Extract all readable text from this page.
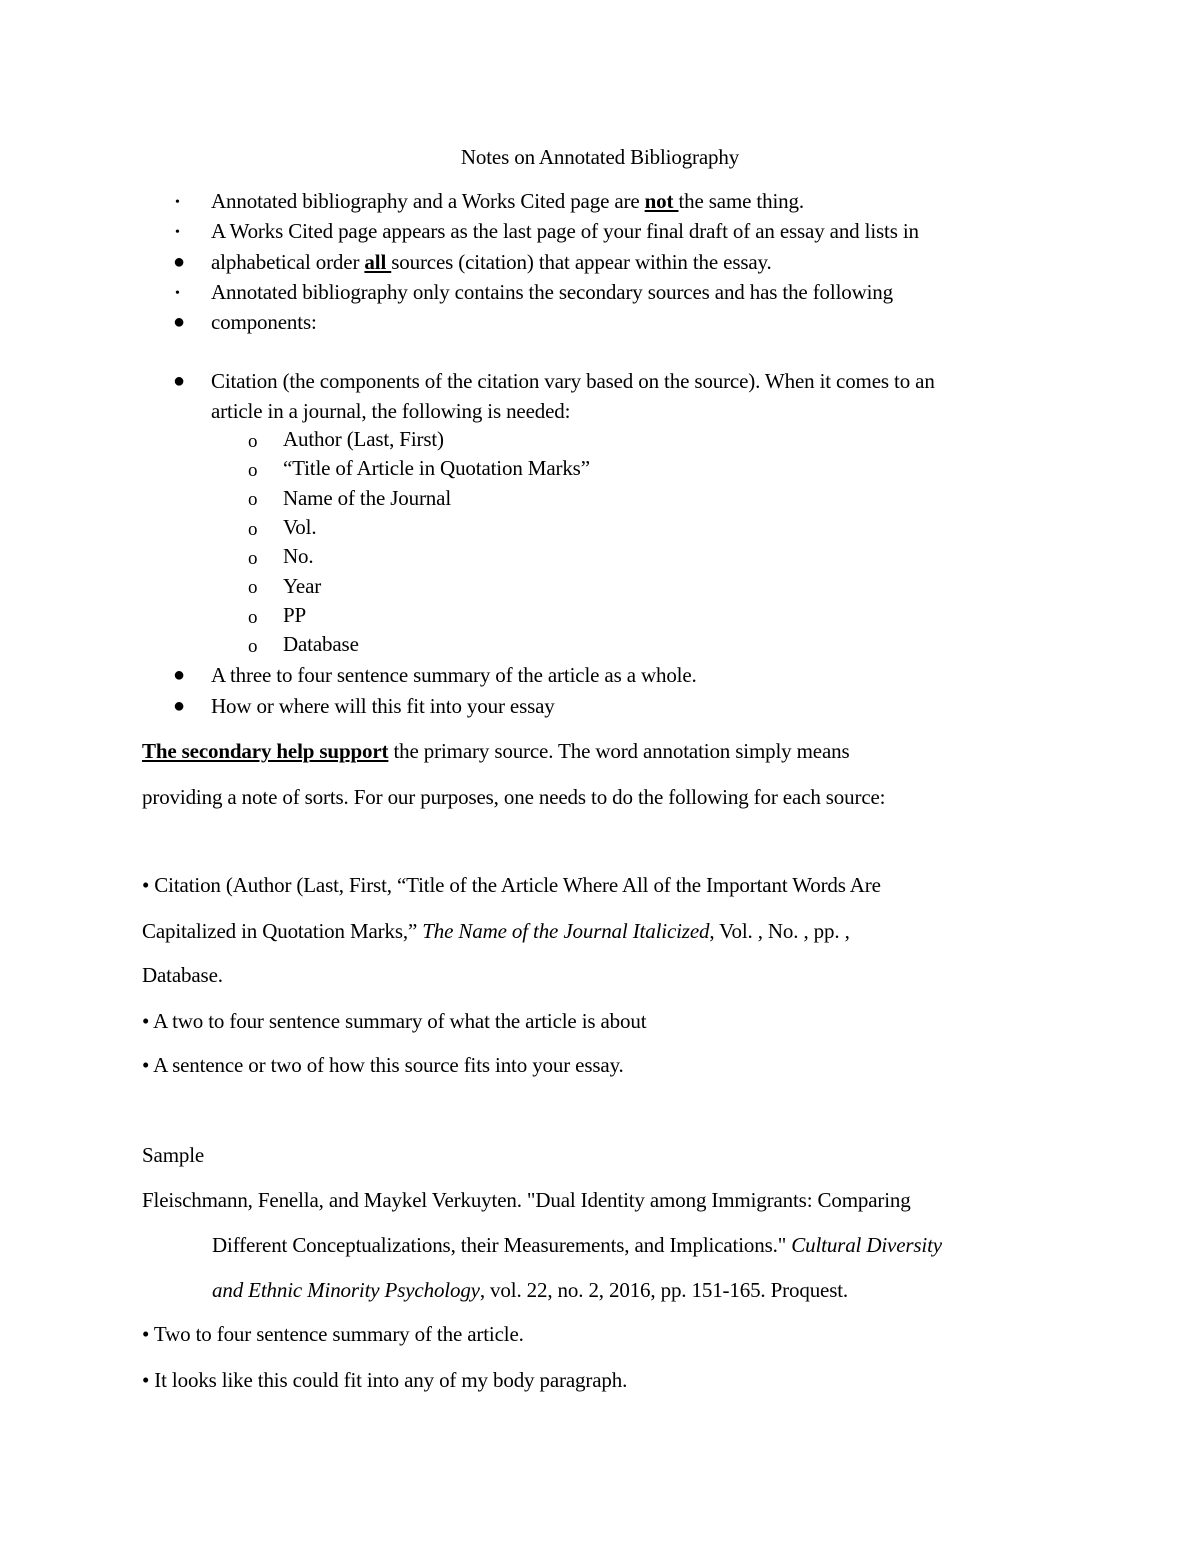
Notes on Annotated Bibliography
• Annotated bibliography and a Works Cited page are not the same thing.
• A Works Cited page appears as the last page of your final draft of an essay and lists in
● alphabetical order all sources (citation) that appear within the essay.
• Annotated bibliography only contains the secondary sources and has the following
● components:
● Citation (the components of the citation vary based on the source). When it comes to an
article in a journal, the following is needed:
o Author (Last, First)
o “Title of Article in Quotation Marks”
o Name of the Journal
o Vol.
o No.
o Year
o PP
o Database
● A three to four sentence summary of the article as a whole.
● How or where will this fit into your essay
The secondary help support the primary source. The word annotation simply means
providing a note of sorts. For our purposes, one needs to do the following for each source:
• Citation (Author (Last, First, “Title of the Article Where All of the Important Words Are
Capitalized in Quotation Marks,” The Name of the Journal Italicized, Vol. , No. , pp. ,
Database.
• A two to four sentence summary of what the article is about
• A sentence or two of how this source fits into your essay.
Sample
Fleischmann, Fenella, and Maykel Verkuyten. "Dual Identity among Immigrants: Comparing
Different Conceptualizations, their Measurements, and Implications." Cultural Diversity
and Ethnic Minority Psychology, vol. 22, no. 2, 2016, pp. 151-165. Proquest.
• Two to four sentence summary of the article.
• It looks like this could fit into any of my body paragraph.
